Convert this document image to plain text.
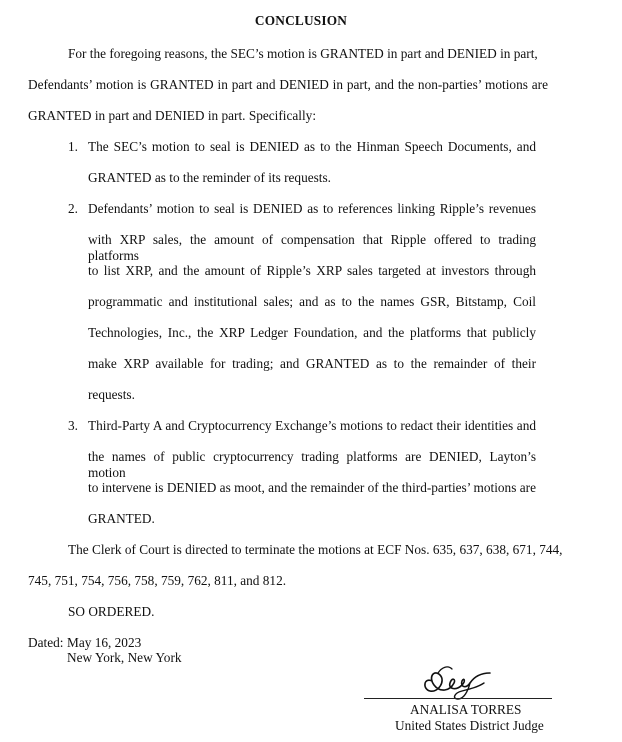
CONCLUSION
For the foregoing reasons, the SEC’s motion is GRANTED in part and DENIED in part,
Defendants’ motion is GRANTED in part and DENIED in part, and the non-parties’ motions are
GRANTED in part and DENIED in part. Specifically:
1. The SEC’s motion to seal is DENIED as to the Hinman Speech Documents, and
GRANTED as to the reminder of its requests.
2. Defendants’ motion to seal is DENIED as to references linking Ripple’s revenues
with XRP sales, the amount of compensation that Ripple offered to trading platforms
to list XRP, and the amount of Ripple’s XRP sales targeted at investors through
programmatic and institutional sales; and as to the names GSR, Bitstamp, Coil
Technologies, Inc., the XRP Ledger Foundation, and the platforms that publicly
make XRP available for trading; and GRANTED as to the remainder of their
requests.
3. Third-Party A and Cryptocurrency Exchange’s motions to redact their identities and
the names of public cryptocurrency trading platforms are DENIED, Layton’s motion
to intervene is DENIED as moot, and the remainder of the third-parties’ motions are
GRANTED.
The Clerk of Court is directed to terminate the motions at ECF Nos. 635, 637, 638, 671, 744,
745, 751, 754, 756, 758, 759, 762, 811, and 812.
SO ORDERED.
Dated: May 16, 2023
New York, New York
ANALISA TORRES
United States District Judge
